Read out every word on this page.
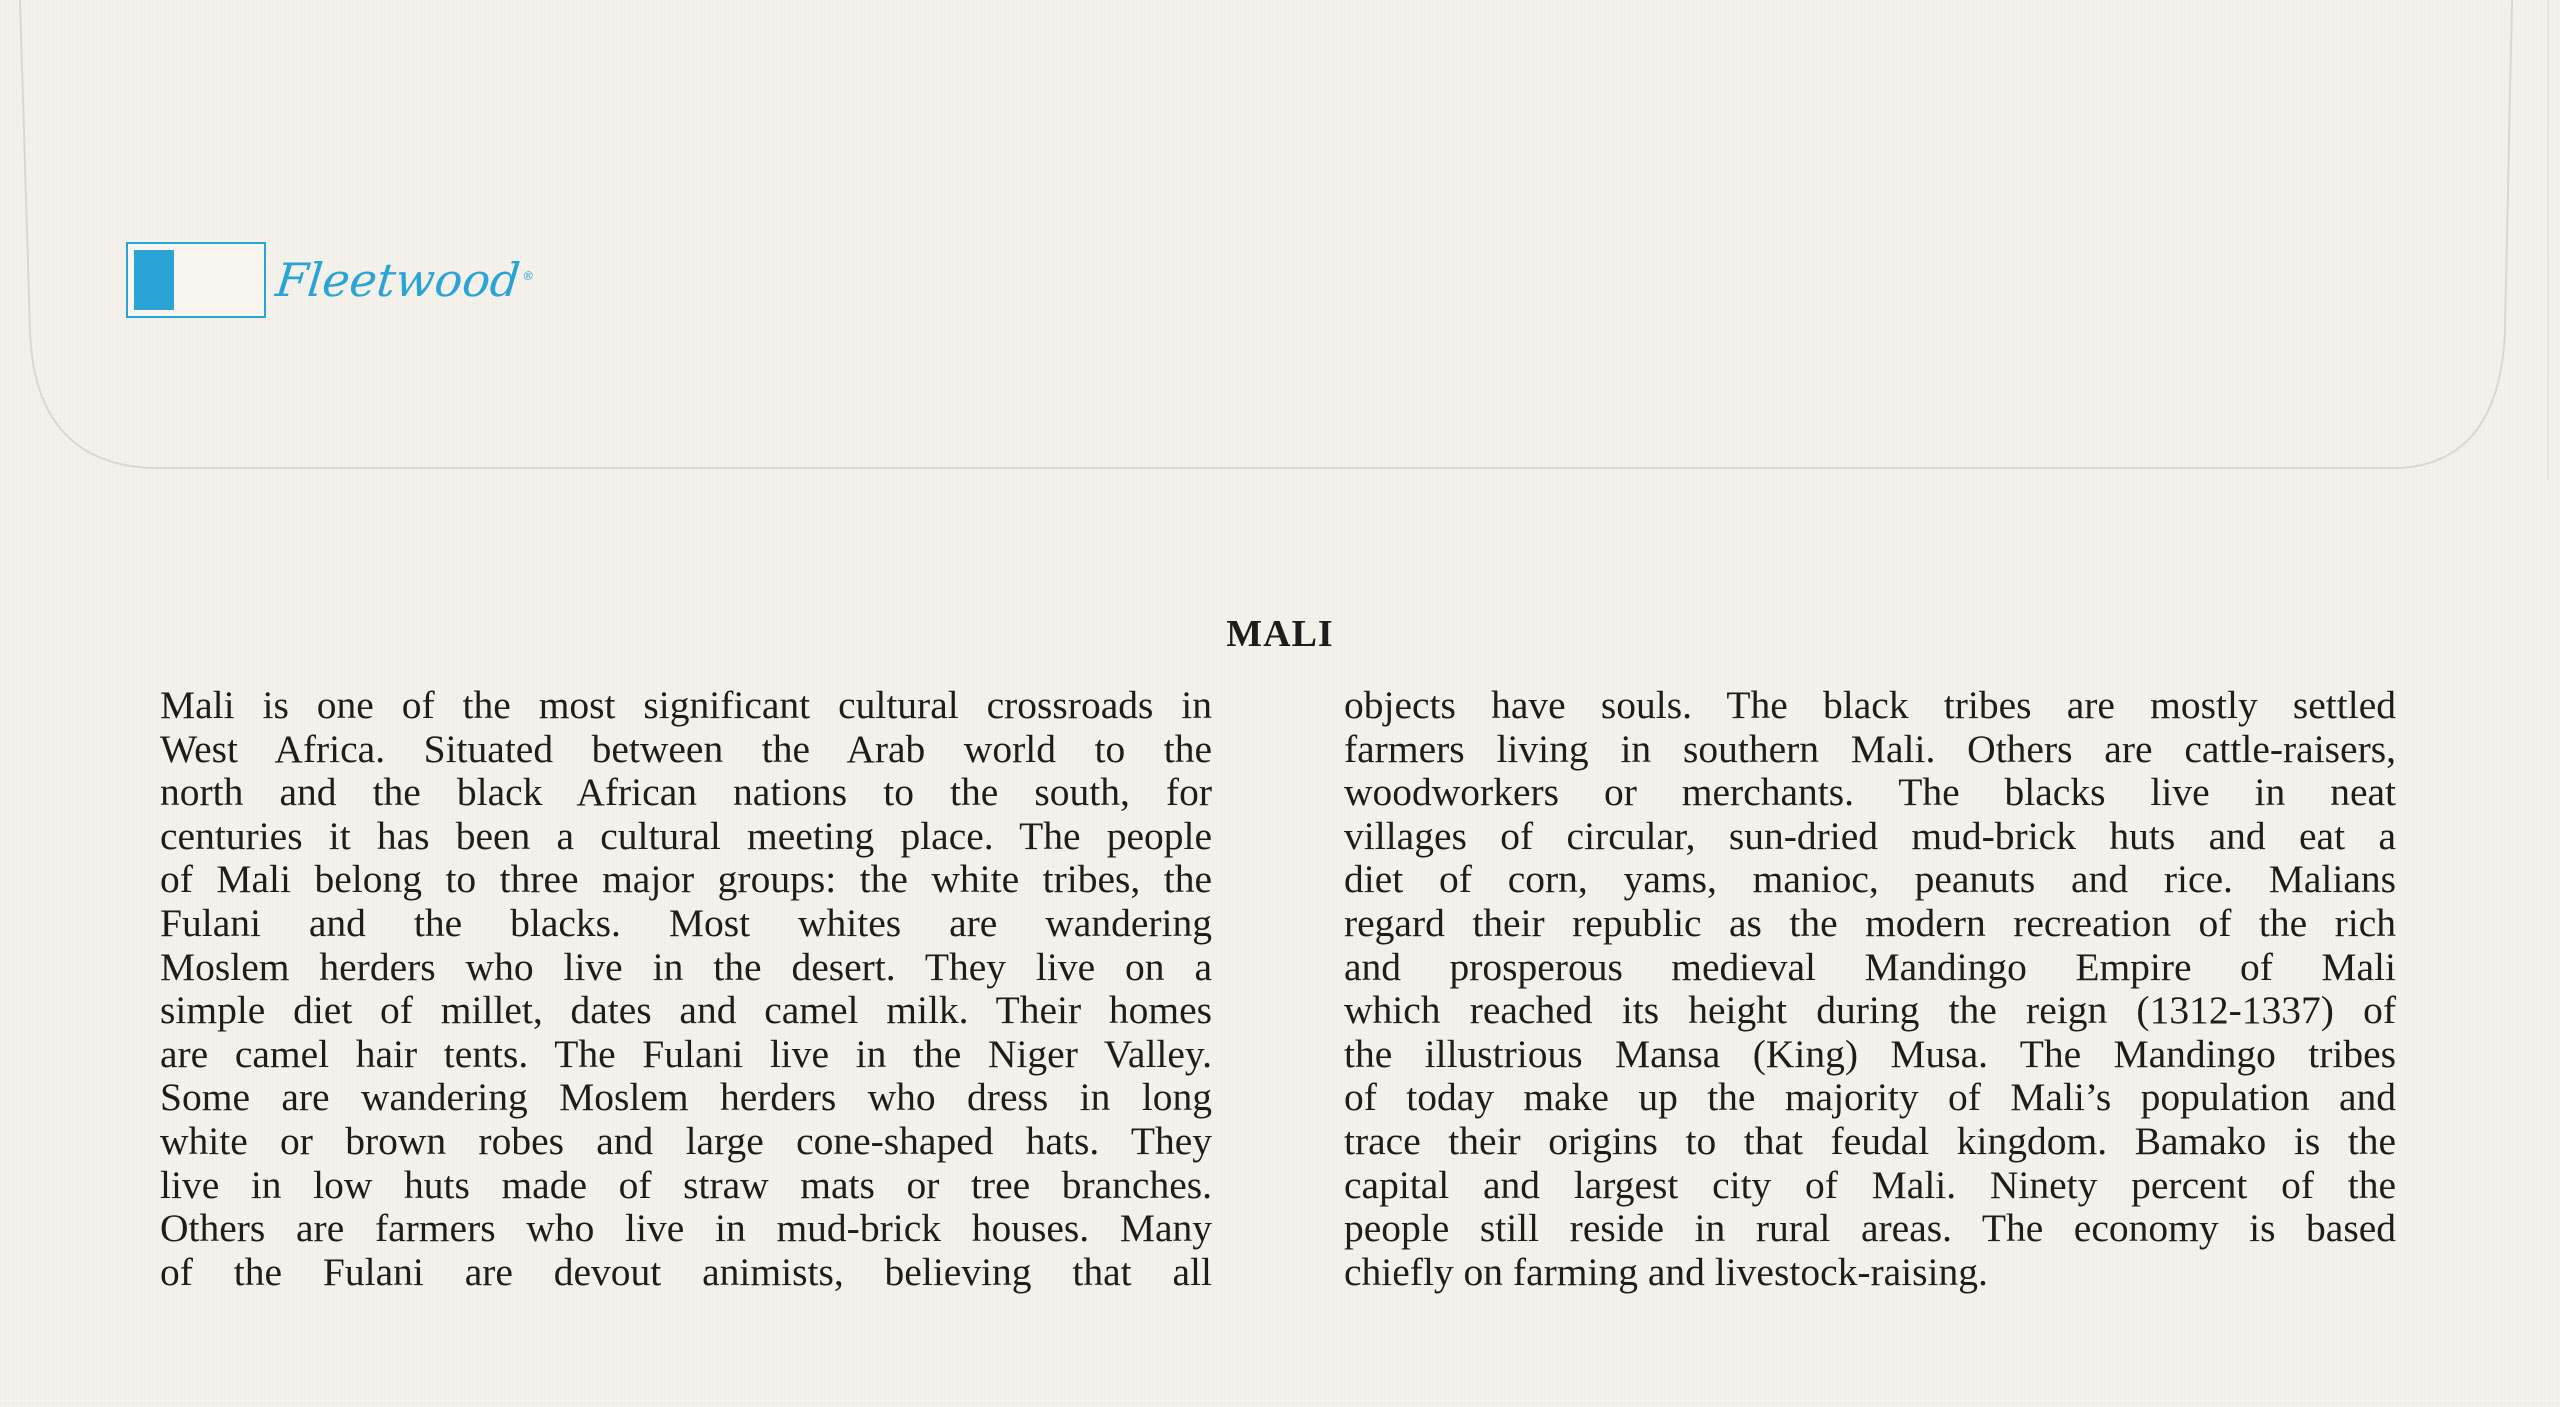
Fleetwood®
MALI
Mali is one of the most significant cultural crossroads in
West Africa. Situated between the Arab world to the
north and the black African nations to the south, for
centuries it has been a cultural meeting place. The people
of Mali belong to three major groups: the white tribes, the
Fulani and the blacks. Most whites are wandering
Moslem herders who live in the desert. They live on a
simple diet of millet, dates and camel milk. Their homes
are camel hair tents. The Fulani live in the Niger Valley.
Some are wandering Moslem herders who dress in long
white or brown robes and large cone-shaped hats. They
live in low huts made of straw mats or tree branches.
Others are farmers who live in mud-brick houses. Many
of the Fulani are devout animists, believing that all
objects have souls. The black tribes are mostly settled
farmers living in southern Mali. Others are cattle-raisers,
woodworkers or merchants. The blacks live in neat
villages of circular, sun-dried mud-brick huts and eat a
diet of corn, yams, manioc, peanuts and rice. Malians
regard their republic as the modern recreation of the rich
and prosperous medieval Mandingo Empire of Mali
which reached its height during the reign (1312-1337) of
the illustrious Mansa (King) Musa. The Mandingo tribes
of today make up the majority of Mali’s population and
trace their origins to that feudal kingdom. Bamako is the
capital and largest city of Mali. Ninety percent of the
people still reside in rural areas. The economy is based
chiefly on farming and livestock-raising.
